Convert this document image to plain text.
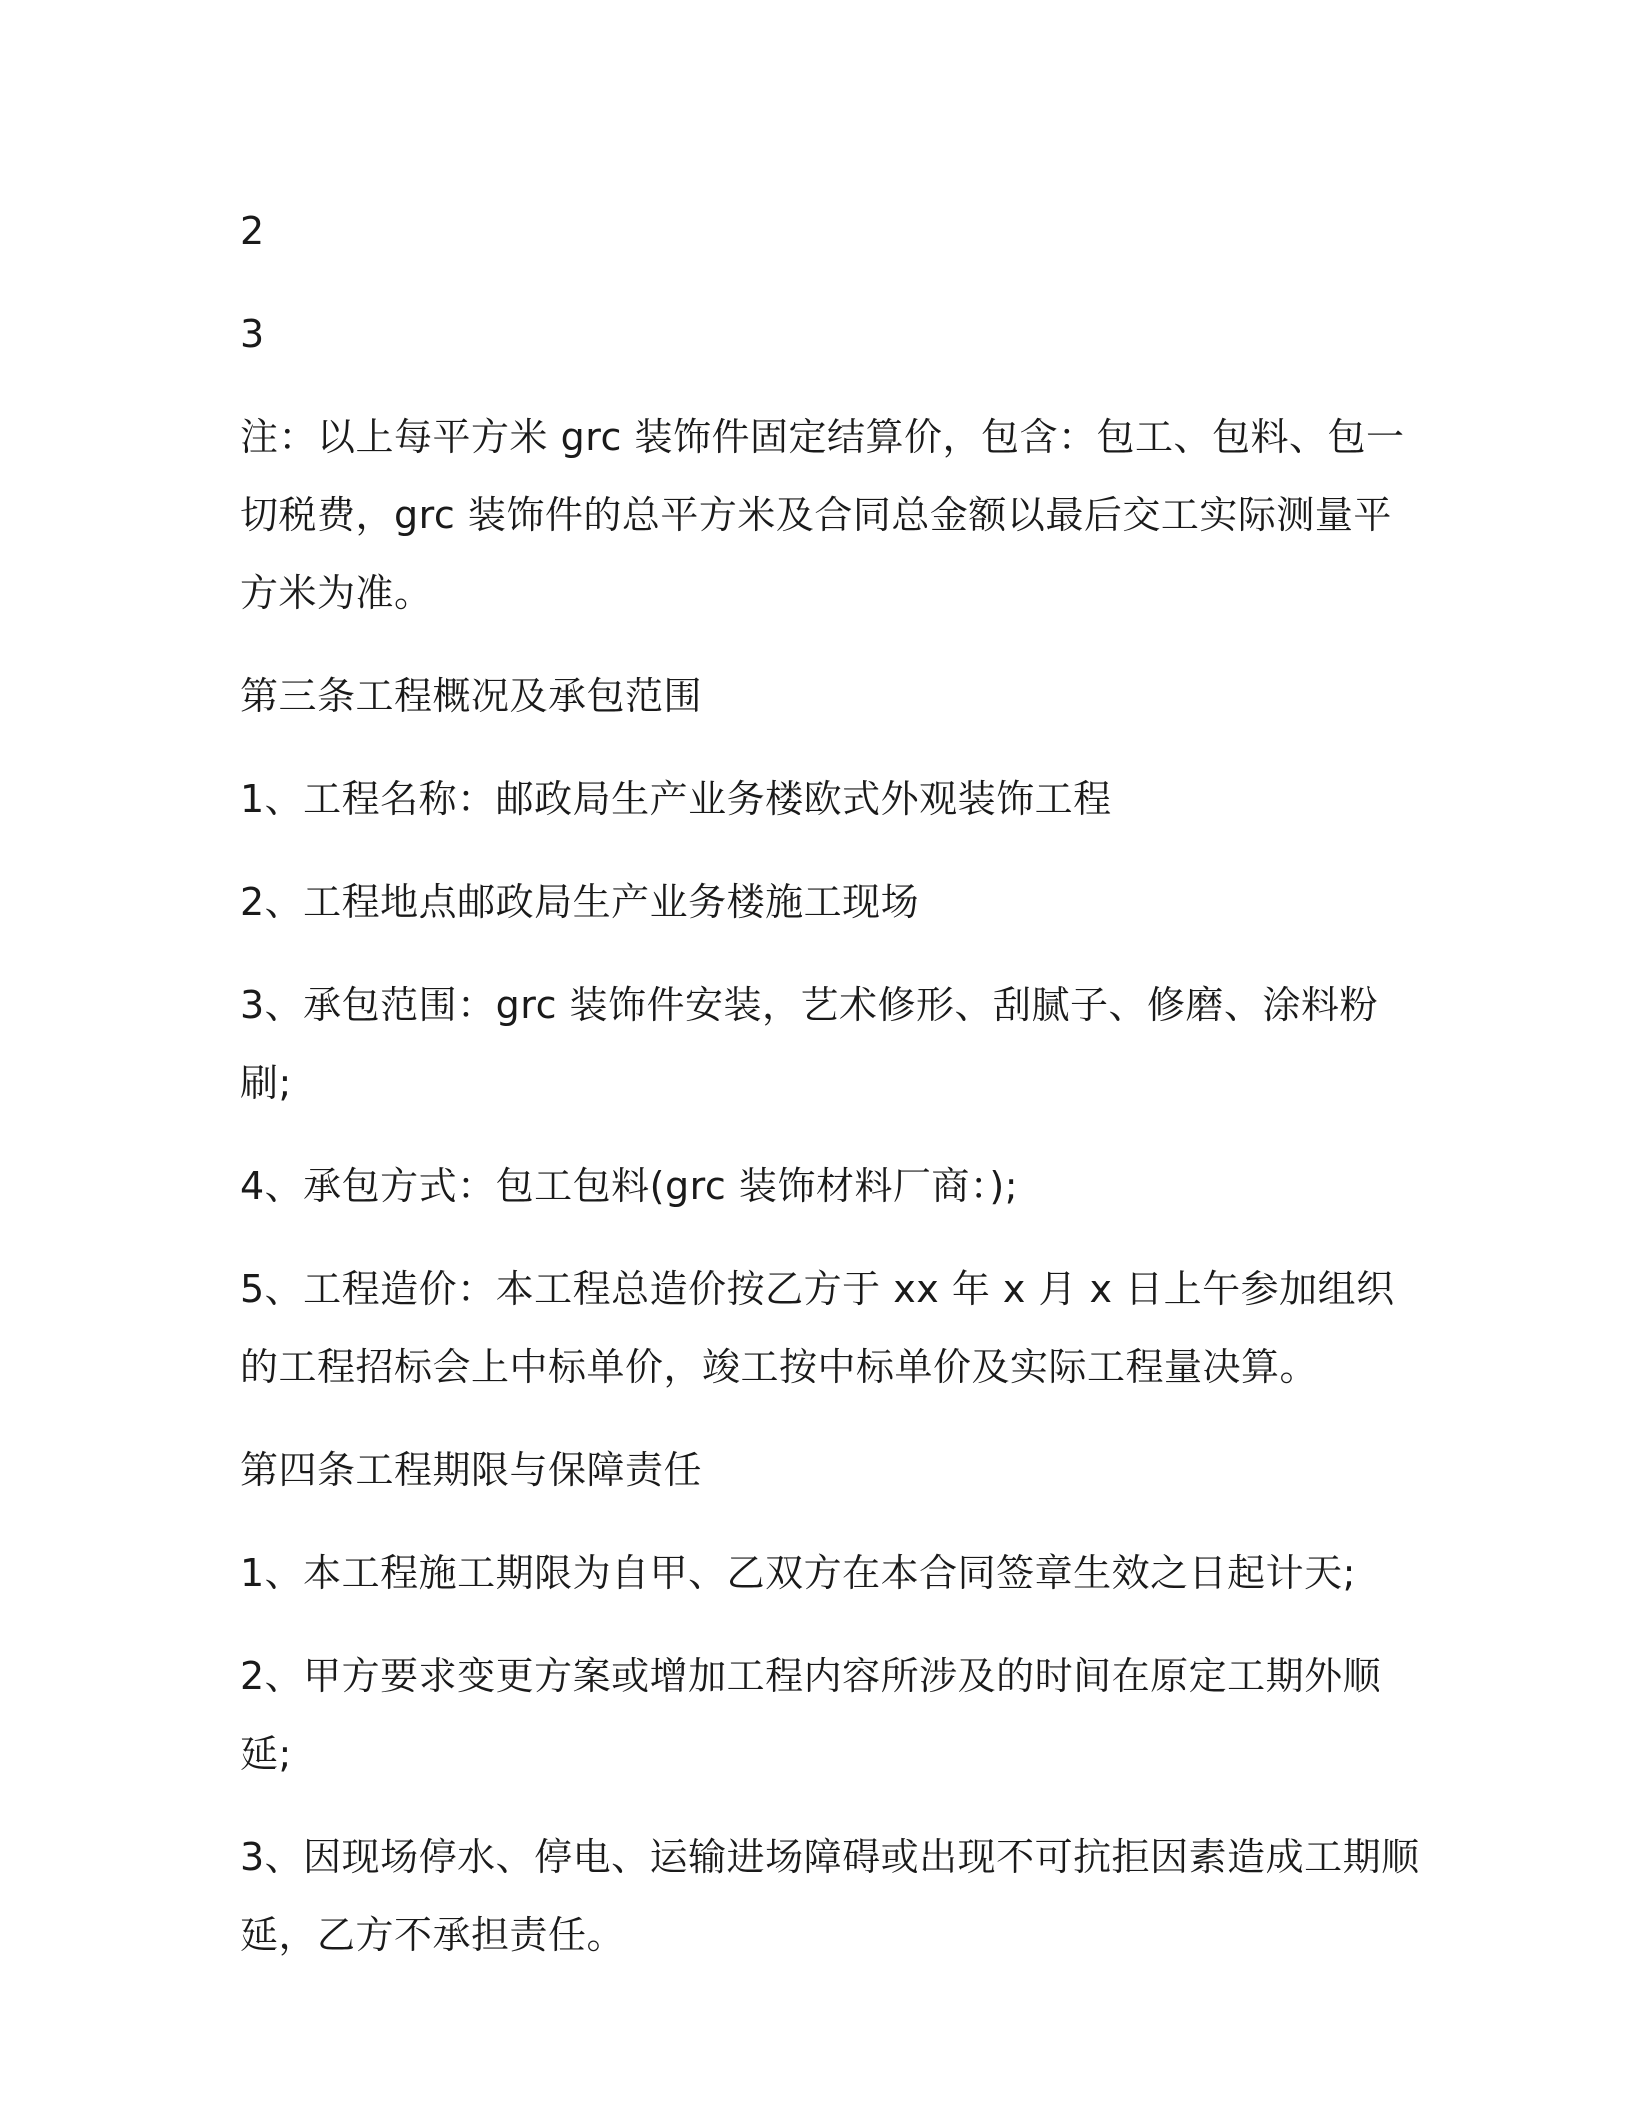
2

3

注：以上每平方米 grc 装饰件固定结算价，包含：包工、包料、包一切税费，grc 装饰件的总平方米及合同总金额以最后交工实际测量平方米为准。

第三条工程概况及承包范围

1、工程名称：邮政局生产业务楼欧式外观装饰工程

2、工程地点邮政局生产业务楼施工现场

3、承包范围：grc 装饰件安装，艺术修形、刮腻子、修磨、涂料粉刷;

4、承包方式：包工包料(grc 装饰材料厂商：);

5、工程造价：本工程总造价按乙方于 xx 年 x 月 x 日上午参加组织的工程招标会上中标单价，竣工按中标单价及实际工程量决算。

第四条工程期限与保障责任

1、本工程施工期限为自甲、乙双方在本合同签章生效之日起计天;

2、甲方要求变更方案或增加工程内容所涉及的时间在原定工期外顺延;

3、因现场停水、停电、运输进场障碍或出现不可抗拒因素造成工期顺延，乙方不承担责任。
